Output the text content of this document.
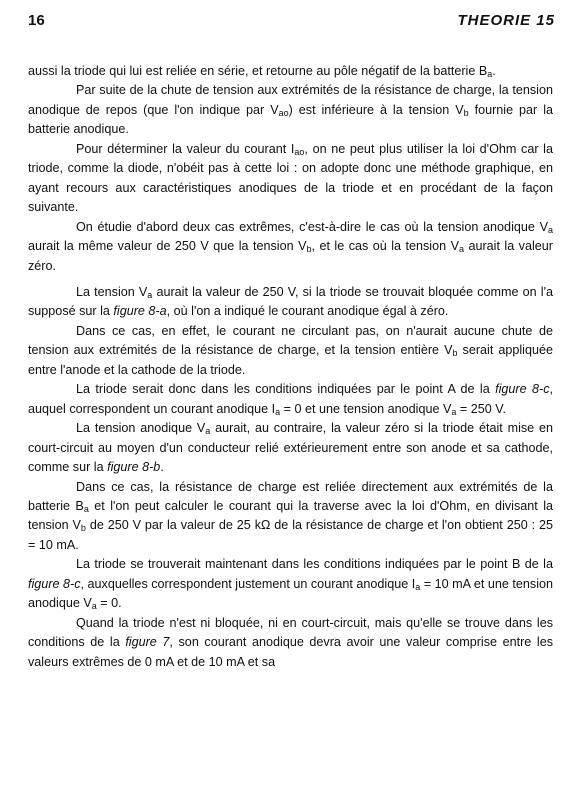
16	THEORIE 15

aussi la triode qui lui est reliée en série, et retourne au pôle négatif de la batterie $B_a$.

Par suite de la chute de tension aux extrémités de la résistance de charge, la tension anodique de repos (que l'on indique par $V_{ao}$) est inférieure à la tension $V_b$ fournie par la batterie anodique.

Pour déterminer la valeur du courant $I_{ao}$, on ne peut plus utiliser la loi d'Ohm car la triode, comme la diode, n'obéit pas à cette loi : on adopte donc une méthode graphique, en ayant recours aux caractéristiques anodiques de la triode et en procédant de la façon suivante.

On étudie d'abord deux cas extrêmes, c'est-à-dire le cas où la tension anodique $V_a$ aurait la même valeur de 250 V que la tension $V_b$, et le cas où la tension $V_a$ aurait la valeur zéro.

La tension $V_a$ aurait la valeur de 250 V, si la triode se trouvait bloquée comme on l'a supposé sur la figure 8-a, où l'on a indiqué le courant anodique égal à zéro.

Dans ce cas, en effet, le courant ne circulant pas, on n'aurait aucune chute de tension aux extrémités de la résistance de charge, et la tension entière $V_b$ serait appliquée entre l'anode et la cathode de la triode.

La triode serait donc dans les conditions indiquées par le point A de la figure 8-c, auquel correspondent un courant anodique $I_a = 0$ et une tension anodique $V_a = 250$ V.

La tension anodique $V_a$ aurait, au contraire, la valeur zéro si la triode était mise en court-circuit au moyen d'un conducteur relié extérieurement entre son anode et sa cathode, comme sur la figure 8-b.

Dans ce cas, la résistance de charge est reliée directement aux extrémités de la batterie $B_a$ et l'on peut calculer le courant qui la traverse avec la loi d'Ohm, en divisant la tension $V_b$ de 250 V par la valeur de 25 kΩ de la résistance de charge et l'on obtient 250 : 25 = 10 mA.

La triode se trouverait maintenant dans les conditions indiquées par le point B de la figure 8-c, auxquelles correspondent justement un courant anodique $I_a = 10$ mA et une tension anodique $V_a = 0$.

Quand la triode n'est ni bloquée, ni en court-circuit, mais qu'elle se trouve dans les conditions de la figure 7, son courant anodique devra avoir une valeur comprise entre les valeurs extrêmes de 0 mA et de 10 mA et sa
